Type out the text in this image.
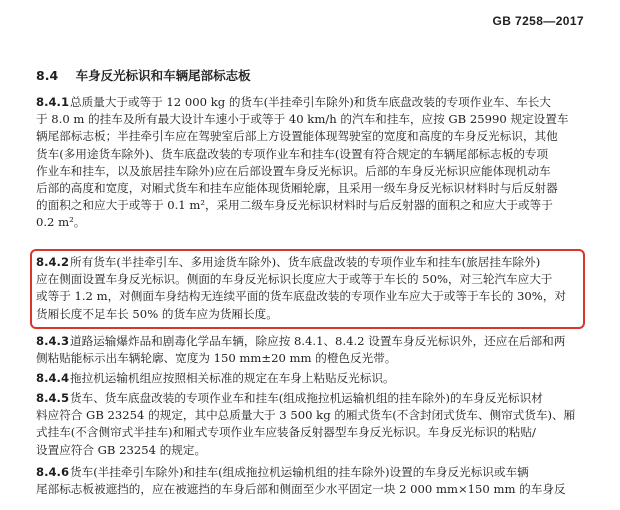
GB 7258—2017
8.4 车身反光标识和车辆尾部标志板
8.4.1总质量大于或等于 12 000 kg 的货车(半挂牵引车除外)和货车底盘改装的专项作业车、车长大
于 8.0 m 的挂车及所有最大设计车速小于或等于 40 km/h 的汽车和挂车，应按 GB 25990 规定设置车
辆尾部标志板；半挂牵引车应在驾驶室后部上方设置能体现驾驶室的宽度和高度的车身反光标识，其他
货车(多用途货车除外)、货车底盘改装的专项作业车和挂车(设置有符合规定的车辆尾部标志板的专项
作业车和挂车，以及旅居挂车除外)应在后部设置车身反光标识。后部的车身反光标识应能体现机动车
后部的高度和宽度，对厢式货车和挂车应能体现货厢轮廓，且采用一级车身反光标识材料时与后反射器
的面积之和应大于或等于 0.1 m²，采用二级车身反光标识材料时与后反射器的面积之和应大于或等于
0.2 m²。
8.4.2所有货车(半挂牵引车、多用途货车除外)、货车底盘改装的专项作业车和挂车(旅居挂车除外)
应在侧面设置车身反光标识。侧面的车身反光标识长度应大于或等于车长的 50%，对三轮汽车应大于
或等于 1.2 m，对侧面车身结构无连续平面的货车底盘改装的专项作业车应大于或等于车长的 30%，对
货厢长度不足车长 50% 的货车应为货厢长度。
8.4.3道路运输爆炸品和剧毒化学品车辆，除应按 8.4.1、8.4.2 设置车身反光标识外，还应在后部和两
侧粘贴能标示出车辆轮廓、宽度为 150 mm±20 mm 的橙色反光带。
8.4.4拖拉机运输机组应按照相关标准的规定在车身上粘贴反光标识。
8.4.5货车、货车底盘改装的专项作业车和挂车(组成拖拉机运输机组的挂车除外)的车身反光标识材
料应符合 GB 23254 的规定，其中总质量大于 3 500 kg 的厢式货车(不含封闭式货车、侧帘式货车)、厢
式挂车(不含侧帘式半挂车)和厢式专项作业车应装备反射器型车身反光标识。车身反光标识的粘贴/
设置应符合 GB 23254 的规定。
8.4.6货车(半挂牵引车除外)和挂车(组成拖拉机运输机组的挂车除外)设置的车身反光标识或车辆
尾部标志板被遮挡的，应在被遮挡的车身后部和侧面至少水平固定一块 2 000 mm×150 mm 的车身反
